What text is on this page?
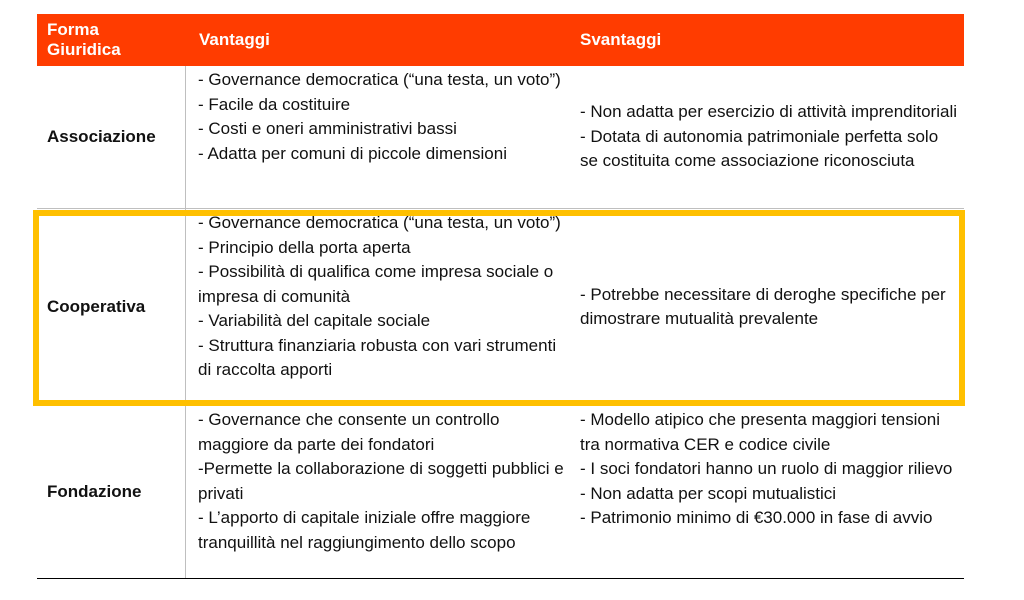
Forma
Giuridica
Vantaggi	Svantaggi
Associazione
- Governance democratica (“una testa, un voto”)
- Facile da costituire
- Costi e oneri amministrativi bassi
- Adatta per comuni di piccole dimensioni
- Non adatta per esercizio di attività imprenditoriali
- Dotata di autonomia patrimoniale perfetta solo se costituita come associazione riconosciuta
Cooperativa
- Governance democratica (“una testa, un voto”)
- Principio della porta aperta
- Possibilità di qualifica come impresa sociale o impresa di comunità
- Variabilità del capitale sociale
- Struttura finanziaria robusta con vari strumenti di raccolta apporti
- Potrebbe necessitare di deroghe specifiche per dimostrare mutualità prevalente
Fondazione
- Governance che consente un controllo maggiore da parte dei fondatori
-Permette la collaborazione di soggetti pubblici e privati
- L’apporto di capitale iniziale offre maggiore tranquillità nel raggiungimento dello scopo
- Modello atipico che presenta maggiori tensioni tra normativa CER e codice civile
- I soci fondatori hanno un ruolo di maggior rilievo
- Non adatta per scopi mutualistici
- Patrimonio minimo di €30.000 in fase di avvio
